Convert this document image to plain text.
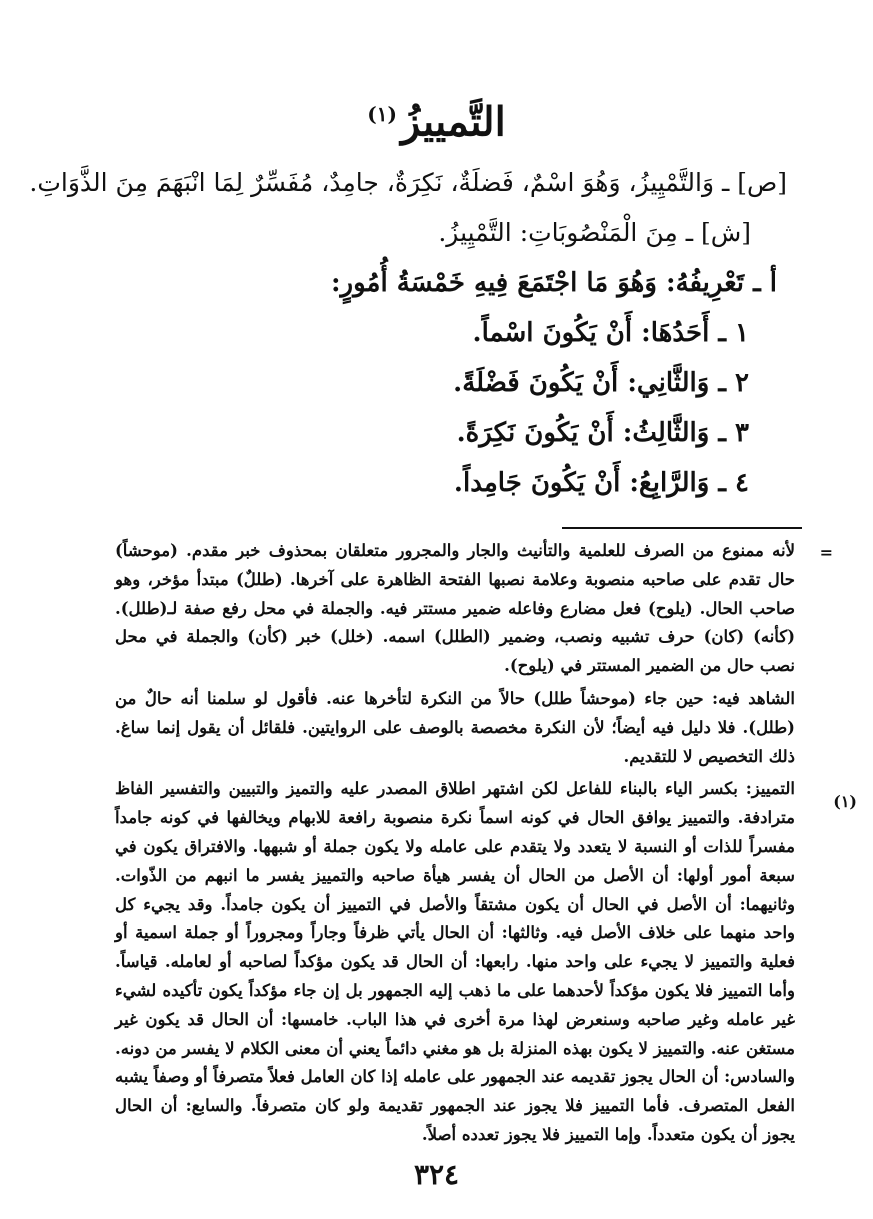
التَّمييزُ$^{(١)}$
[ص] ـ وَالتَّمْيِيزُ، وَهُوَ اسْمٌ، فَضلَةٌ، نَكِرَةٌ، جامِدٌ، مُفَسِّرٌ لِمَا انْبَهَمَ مِنَ الذَّوَاتِ.
[ش] ـ مِنَ الْمَنْصُوبَاتِ: التَّمْيِيزُ.
أ ـ تَعْرِيفُهُ: وَهُوَ مَا اجْتَمَعَ فِيهِ خَمْسَةُ أُمُورٍ:
١ ـ أَحَدُهَا: أَنْ يَكُونَ اسْماً.
٢ ـ وَالثَّانِي: أَنْ يَكُونَ فَضْلَةً.
٣ ـ وَالثَّالِثُ: أَنْ يَكُونَ نَكِرَةً.
٤ ـ وَالرَّابِعُ: أَنْ يَكُونَ جَامِداً.
=
(١)

لأنه ممنوع من الصرف للعلمية والتأنيث والجار والمجرور متعلقان بمحذوف خبر مقدم. (موحشاً) حال تقدم على صاحبه منصوبة وعلامة نصبها الفتحة الظاهرة على آخرها. (طللٌ) مبتدأ مؤخر، وهو صاحب الحال. (يلوح) فعل مضارع وفاعله ضمير مستتر فيه. والجملة في محل رفع صفة لـ(طلل). (كأنه) (كان) حرف تشبيه ونصب، وضمير (الطلل) اسمه. (خلل) خبر (كأن) والجملة في محل نصب حال من الضمير المستتر في (يلوح).

الشاهد فيه: حين جاء (موحشاً طلل) حالاً من النكرة لتأخرها عنه. فأقول لو سلمنا أنه حالٌ من (طلل). فلا دليل فيه أيضاً؛ لأن النكرة مخصصة بالوصف على الروايتين. فلقائل أن يقول إنما ساغ. ذلك التخصيص لا للتقديم.

التمييز: بكسر الياء بالبناء للفاعل لكن اشتهر اطلاق المصدر عليه والتميز والتبيين والتفسير الفاظ مترادفة. والتمييز يوافق الحال في كونه اسماً نكرة منصوبة رافعة للابهام ويخالفها في كونه جامداً مفسراً للذات أو النسبة لا يتعدد ولا يتقدم على عامله ولا يكون جملة أو شبهها. والافتراق يكون في سبعة أمور أولها: أن الأصل من الحال أن يفسر هيأة صاحبه والتمييز يفسر ما انبهم من الذّوات. وثانيهما: أن الأصل في الحال أن يكون مشتقاً والأصل في التمييز أن يكون جامداً. وقد يجيء كل واحد منهما على خلاف الأصل فيه. وثالثها: أن الحال يأتي ظرفاً وجاراً ومجروراً أو جملة اسمية أو فعلية والتمييز لا يجيء على واحد منها. رابعها: أن الحال قد يكون مؤكداً لصاحبه أو لعامله. قياساً. وأما التمييز فلا يكون مؤكداً لأحدهما على ما ذهب إليه الجمهور بل إن جاء مؤكداً يكون تأكيده لشيء غير عامله وغير صاحبه وسنعرض لهذا مرة أخرى في هذا الباب. خامسها: أن الحال قد يكون غير مستغن عنه. والتمييز لا يكون بهذه المنزلة بل هو مغني دائماً يعني أن معنى الكلام لا يفسر من دونه. والسادس: أن الحال يجوز تقديمه عند الجمهور على عامله إذا كان العامل فعلاً متصرفاً أو وصفاً يشبه الفعل المتصرف. فأما التمييز فلا يجوز عند الجمهور تقديمة ولو كان متصرفاً. والسابع: أن الحال يجوز أن يكون متعدداً. وإما التمييز فلا يجوز تعدده أصلاً.

٣٢٤
